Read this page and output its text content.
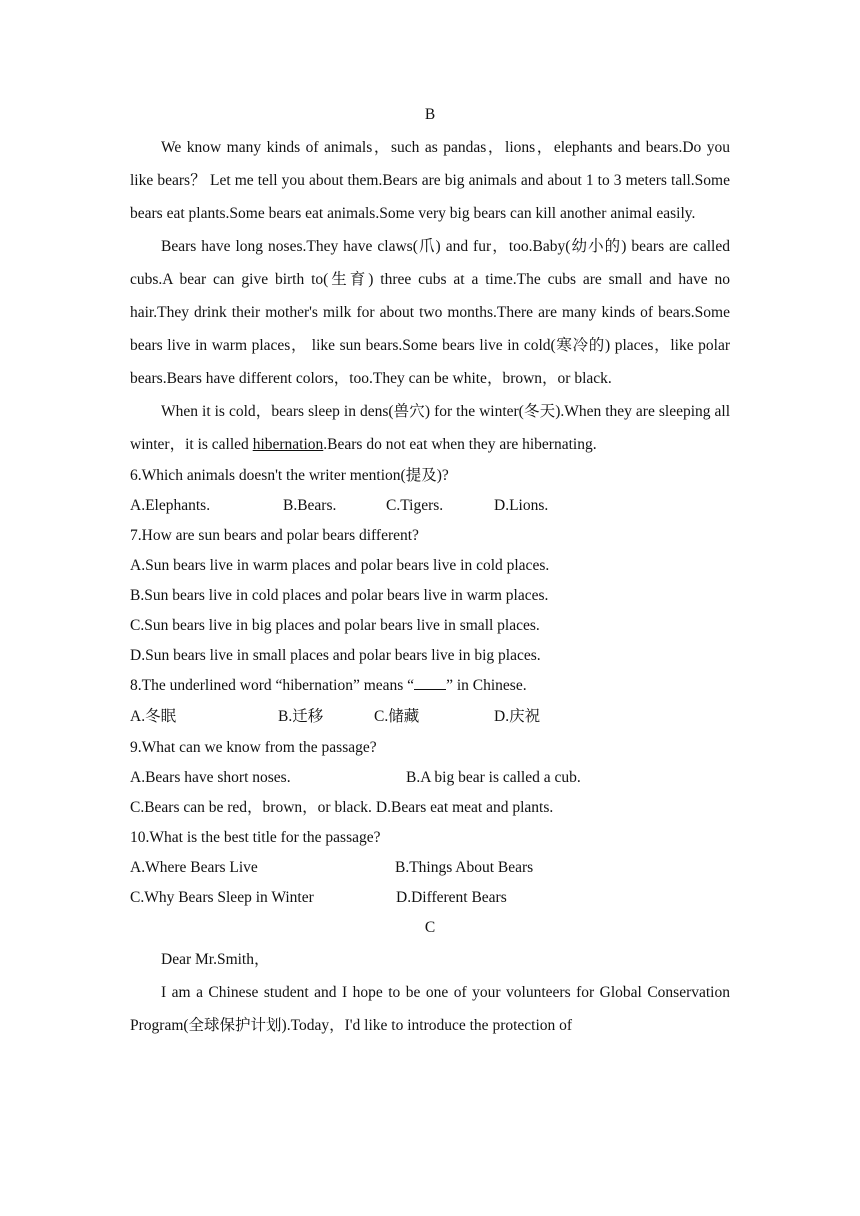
B

We know many kinds of animals，such as pandas，lions，elephants and bears.Do you like bears？ Let me tell you about them.Bears are big animals and about 1 to 3 meters tall.Some bears eat plants.Some bears eat animals.Some very big bears can kill another animal easily.

Bears have long noses.They have claws(爪) and fur，too.Baby(幼小的) bears are called cubs.A bear can give birth to(生育) three cubs at a time.The cubs are small and have no hair.They drink their mother's milk for about two months.There are many kinds of bears.Some bears live in warm places， like sun bears.Some bears live in cold(寒冷的) places，like polar bears.Bears have different colors，too.They can be white，brown，or black.

When it is cold，bears sleep in dens(兽穴) for the winter(冬天).When they are sleeping all winter，it is called hibernation.Bears do not eat when they are hibernating.

6.Which animals doesn't the writer mention(提及)?

A.Elephants.	B.Bears.	C.Tigers.	D.Lions.

7.How are sun bears and polar bears different?

A.Sun bears live in warm places and polar bears live in cold places.

B.Sun bears live in cold places and polar bears live in warm places.

C.Sun bears live in big places and polar bears live in small places.

D.Sun bears live in small places and polar bears live in big places.

8.The underlined word “hibernation” means “ ” in Chinese.

A.冬眠	B.迁移	C.储藏	D.庆祝

9.What can we know from the passage?

A.Bears have short noses.	B.A big bear is called a cub.
C.Bears can be red，brown，or black. D.Bears eat meat and plants.

10.What is the best title for the passage?

A.Where Bears Live	B.Things About Bears
C.Why Bears Sleep in Winter	D.Different Bears
C

Dear Mr.Smith，

I am a Chinese student and I hope to be one of your volunteers for Global Conservation Program(全球保护计划).Today，I'd like to introduce the protection of
